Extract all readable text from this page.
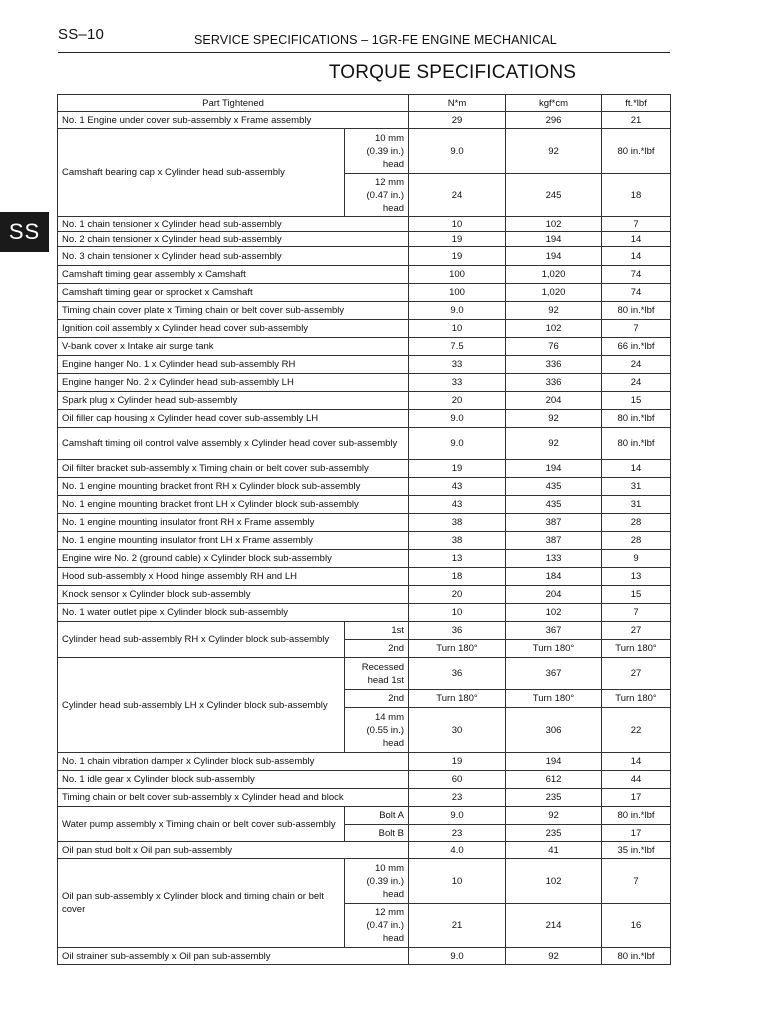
SS–10	SERVICE SPECIFICATIONS – 1GR-FE ENGINE MECHANICAL
TORQUE SPECIFICATIONS
SS
Part Tightened		N*m	kgf*cm	ft.*lbf
No. 1 Engine under cover sub-assembly x Frame assembly		29	296	21
Camshaft bearing cap x Cylinder head sub-assembly	10 mm
(0.39 in.)
head	9.0	92	80 in.*lbf
	12 mm
(0.47 in.)
head	24	245	18
No. 1 chain tensioner x Cylinder head sub-assembly		10	102	7
No. 2 chain tensioner x Cylinder head sub-assembly		19	194	14
No. 3 chain tensioner x Cylinder head sub-assembly		19	194	14
Camshaft timing gear assembly x Camshaft		100	1,020	74
Camshaft timing gear or sprocket x Camshaft		100	1,020	74
Timing chain cover plate x Timing chain or belt cover sub-assembly		9.0	92	80 in.*lbf
Ignition coil assembly x Cylinder head cover sub-assembly		10	102	7
V-bank cover x Intake air surge tank		7.5	76	66 in.*lbf
Engine hanger No. 1 x Cylinder head sub-assembly RH		33	336	24
Engine hanger No. 2 x Cylinder head sub-assembly LH		33	336	24
Spark plug x Cylinder head sub-assembly		20	204	15
Oil filler cap housing x Cylinder head cover sub-assembly LH		9.0	92	80 in.*lbf
Camshaft timing oil control valve assembly x Cylinder head cover sub-assembly		9.0	92	80 in.*lbf
Oil filter bracket sub-assembly x Timing chain or belt cover sub-assembly		19	194	14
No. 1 engine mounting bracket front RH x Cylinder block sub-assembly		43	435	31
No. 1 engine mounting bracket front LH x Cylinder block sub-assembly		43	435	31
No. 1 engine mounting insulator front RH x Frame assembly		38	387	28
No. 1 engine mounting insulator front LH x Frame assembly		38	387	28
Engine wire No. 2 (ground cable) x Cylinder block sub-assembly		13	133	9
Hood sub-assembly x Hood hinge assembly RH and LH		18	184	13
Knock sensor x Cylinder block sub-assembly		20	204	15
No. 1 water outlet pipe x Cylinder block sub-assembly		10	102	7
Cylinder head sub-assembly RH x Cylinder block sub-assembly	1st	36	367	27
	2nd	Turn 180°	Turn 180°	Turn 180°
Cylinder head sub-assembly LH x Cylinder block sub-assembly	Recessed head 1st	36	367	27
	2nd	Turn 180°	Turn 180°	Turn 180°
	14 mm
(0.55 in.)
head	30	306	22
No. 1 chain vibration damper x Cylinder block sub-assembly		19	194	14
No. 1 idle gear x Cylinder block sub-assembly		60	612	44
Timing chain or belt cover sub-assembly x Cylinder head and block		23	235	17
Water pump assembly x Timing chain or belt cover sub-assembly	Bolt A	9.0	92	80 in.*lbf
	Bolt B	23	235	17
Oil pan stud bolt x Oil pan sub-assembly		4.0	41	35 in.*lbf
Oil pan sub-assembly x Cylinder block and timing chain or belt cover	10 mm
(0.39 in.)
head	10	102	7
	12 mm
(0.47 in.)
head	21	214	16
Oil strainer sub-assembly x Oil pan sub-assembly		9.0	92	80 in.*lbf
